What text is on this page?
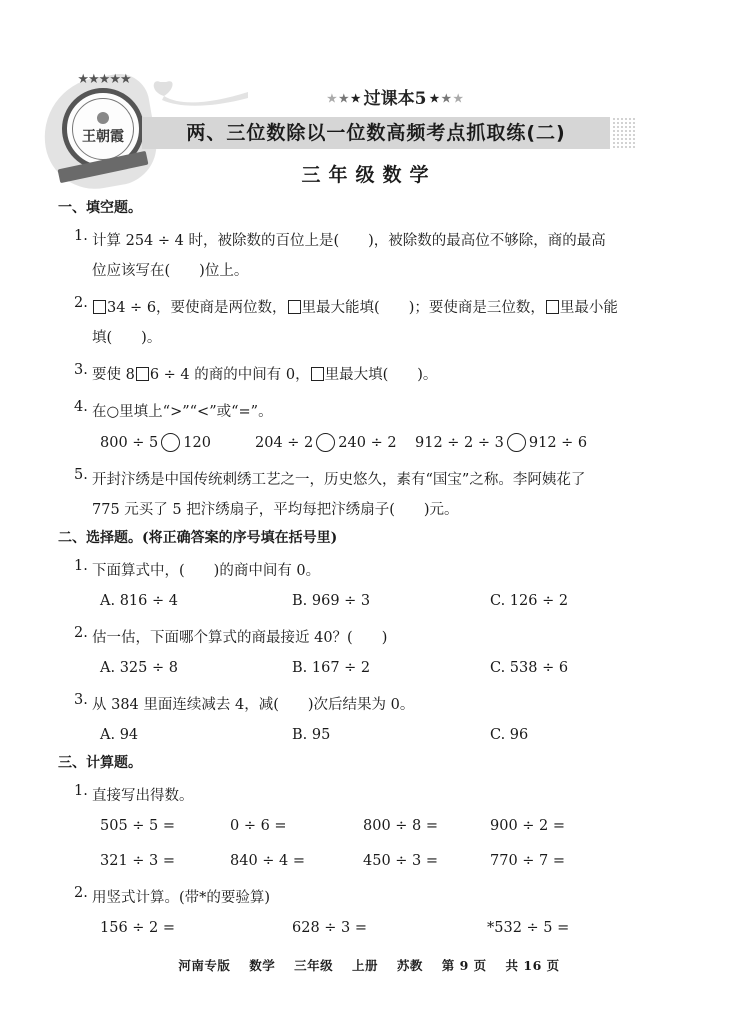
★★★★★
王朝霞
★ ★ ★ 过课本5 ★ ★ ★
两、三位数除以一位数高频考点抓取练(二)
三年级数学
一、填空题。
1. 计算 254 ÷ 4 时，被除数的百位上是(　　)，被除数的最高位不够除，商的最高
位应该写在(　　)位上。
2.	34 ÷ 6，要使商是两位数， 里最大能填(　　)；要使商是三位数， 里最小能
填(　　)。
3. 要使 8 6 ÷ 4 的商的中间有 0， 里最大填(　　)。
4. 在○里填上“>”“<”或“=”。
800 ÷ 5 120	204 ÷ 2 240 ÷ 2	912 ÷ 2 ÷ 3 912 ÷ 6
5. 开封汴绣是中国传统刺绣工艺之一，历史悠久，素有“国宝”之称。李阿姨花了
775 元买了 5 把汴绣扇子，平均每把汴绣扇子(　　)元。
二、选择题。(将正确答案的序号填在括号里)
1. 下面算式中，(　　)的商中间有 0。
A. 816 ÷ 4	B. 969 ÷ 3	C. 126 ÷ 2
2. 估一估，下面哪个算式的商最接近 40？(　　)
A. 325 ÷ 8	B. 167 ÷ 2	C. 538 ÷ 6
3. 从 384 里面连续减去 4，减(　　)次后结果为 0。
A. 94	B. 95	C. 96
三、计算题。
1. 直接写出得数。
505 ÷ 5 =	0 ÷ 6 =	800 ÷ 8 =	900 ÷ 2 =
321 ÷ 3 =	840 ÷ 4 =	450 ÷ 3 =	770 ÷ 7 =
2. 用竖式计算。(带*的要验算)
156 ÷ 2 =	628 ÷ 3 =	*532 ÷ 5 =
河南专版 数学 三年级 上册 苏教 第 9 页 共 16 页
